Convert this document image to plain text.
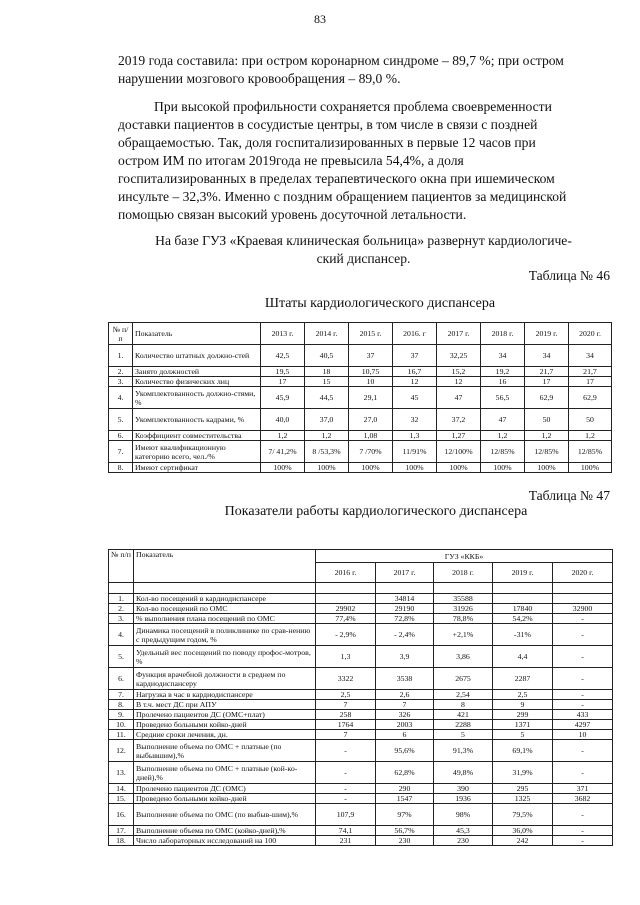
83
2019 года составила: при остром коронарном синдроме – 89,7 %; при остром
нарушении мозгового кровообращения – 89,0 %.
При высокой профильности сохраняется проблема своевременности
доставки пациентов в сосудистые центры, в том числе в связи с поздней
обращаемостью. Так, доля госпитализированных в первые 12 часов при
остром ИМ по итогам 2019года не превысила 54,4%, а доля
госпитализированных в пределах терапевтического окна при ишемическом
инсульте – 32,3%. Именно с поздним обращением пациентов за медицинской
помощью связан высокий уровень досуточной летальности.
На базе ГУЗ «Краевая клиническая больница» развернут кардиологиче-
ский диспансер.
Таблица № 46
Штаты кардиологического диспансера
№ п/п	Показатель	2013 г.	2014 г.	2015 г.	2016. г	2017 г.	2018 г.	2019 г.	2020 г.
1.	Количество штатных должно-стей	42,5	40,5	37	37	32,25	34	34	34
2.	Занято должностей	19,5	18	10,75	16,7	15,2	19,2	21,7	21,7
3.	Количество физических лиц	17	15	10	12	12	16	17	17
4.	Укомплектованность должно-стями, %	45,9	44,5	29,1	45	47	56,5	62,9	62,9
5.	Укомплектованность кадрами, %	40,0	37,0	27,0	32	37,2	47	50	50
6.	Коэффициент совместительства	1,2	1,2	1,08	1,3	1,27	1,2	1,2	1,2
7.	Имеют квалификационную категорию всего, чел./%	7/ 41,2%	8 /53,3%	7 /70%	11/91%	12/100%	12/85%	12/85%	12/85%
8.	Имеют сертификат	100%	100%	100%	100%	100%	100%	100%	100%
Таблица № 47
Показатели работы кардиологического диспансера
№ п/п	Показатель	ГУЗ «ККБ»				
		2016 г.	2017 г.	2018 г.	2019 г.	2020 г.

1.	Кол-во посещений в кардиодиспансере		34814	35588		
2.	Кол-во посещений по ОМС	29902	29190	31926	17840	32900
3.	% выполнения плана посещений по ОМС	77,4%	72,8%	78,8%	54,2%	-
4.	Динамика посещений в поликлинике по срав-нению с предыдущим годом, %	- 2,9%	- 2,4%	+2,1%	-31%	-
5.	Удельный вес посещений по поводу профос-мотров, %	1,3	3,9	3,86	4,4	-
6.	Функция врачебной должности в среднем по кардиодиспансеру	3322	3538	2675	2287	-
7.	Нагрузка в час в кардиодиспансере	2,5	2,6	2,54	2,5	-
8.	В т.ч. мест ДС при АПУ	7	7	8	9	-
9.	Пролечено пациентов ДС (ОМС+плат)	258	326	421	299	433
10.	Проведено больными койко-дней	1764	2003	2288	1371	4297
11.	Средние сроки лечения, дн.	7	6	5	5	10
12.	Выполнение объема по ОМС + платные (по выбывшим),%	-	95,6%	91,3%	69,1%	-
13.	Выполнение объема по ОМС + платные (кой-ко-дней),%	-	62,8%	49,8%	31,9%	-
14.	Пролечено пациентов ДС (ОМС)	-	290	390	295	371
15.	Проведено больными койко-дней	-	1547	1936	1325	3682
16.	Выполнение объема по ОМС (по выбыв-шим),%	107,9	97%	98%	79,5%	-
17.	Выполнение объема по ОМС (койко-дней),%	74,1	56,7%	45,3	36,0%	-
18.	Число лабораторных исследований на 100	231	230	230	242	-
